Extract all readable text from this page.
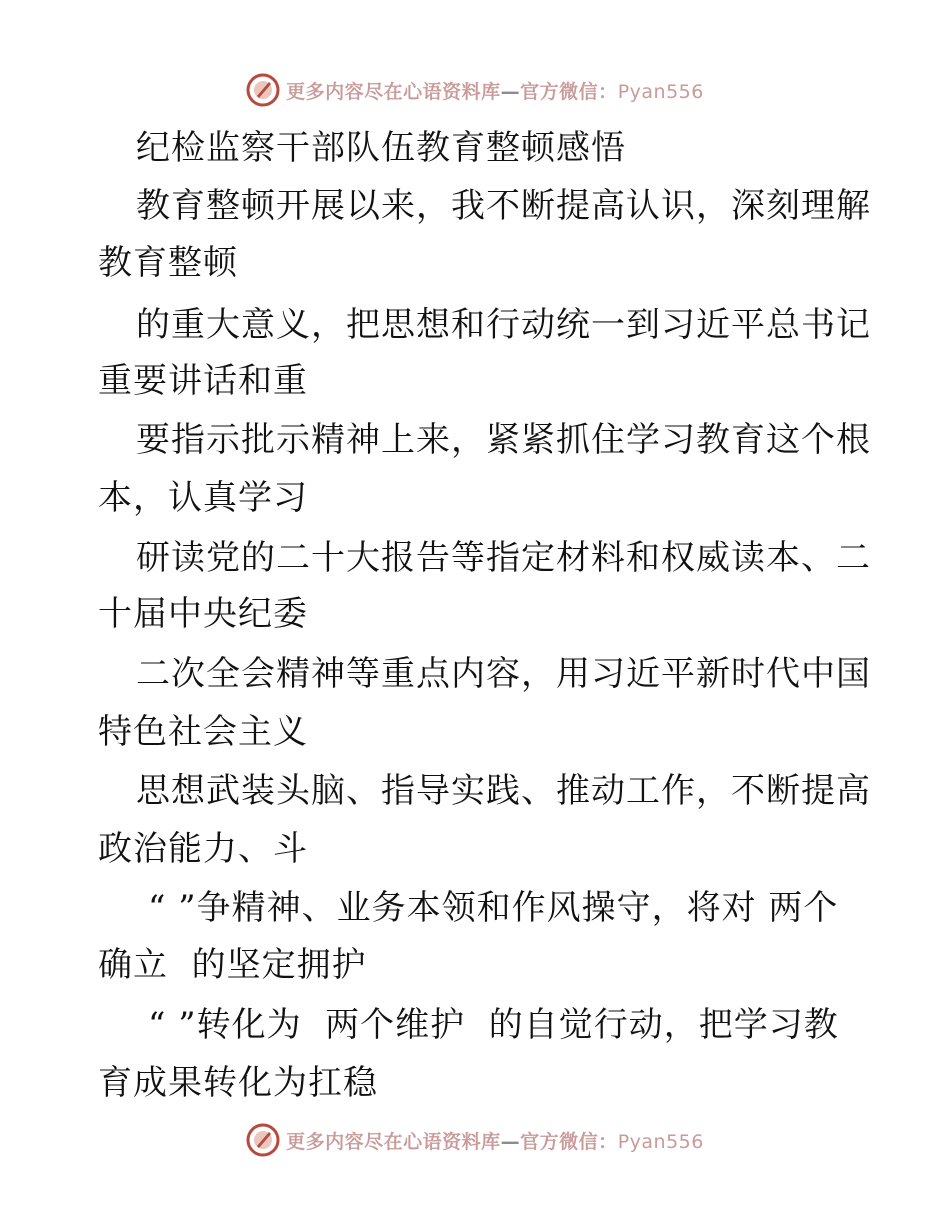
更多内容尽在心语资料库—官方微信：Pyan556
纪检监察干部队伍教育整顿感悟
教育整顿开展以来，我不断提高认识，深刻理解
教育整顿
的重大意义，把思想和行动统一到习近平总书记
重要讲话和重
要指示批示精神上来，紧紧抓住学习教育这个根
本，认真学习
研读党的二十大报告等指定材料和权威读本、二
十届中央纪委
二次全会精神等重点内容，用习近平新时代中国
特色社会主义
思想武装头脑、指导实践、推动工作，不断提高
政治能力、斗
“ ”争精神、业务本领和作风操守，将对 两个
确立  的坚定拥护
“ ”转化为  两个维护  的自觉行动，把学习教
育成果转化为扛稳
更多内容尽在心语资料库—官方微信：Pyan556
